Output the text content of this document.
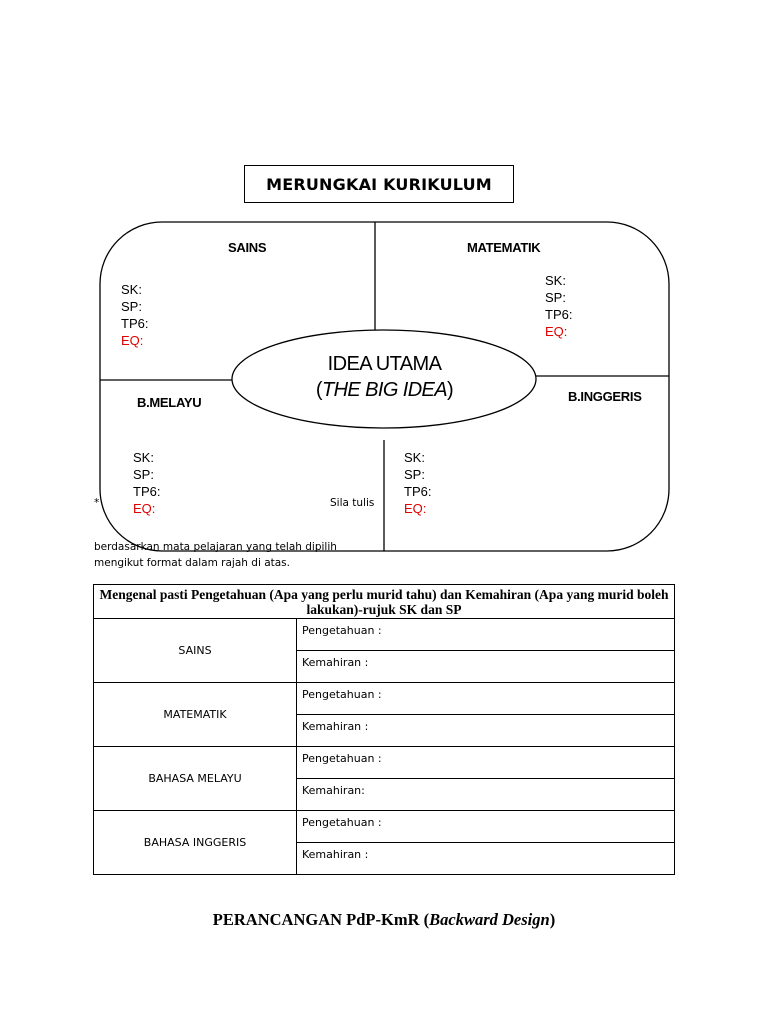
MERUNGKAI KURIKULUM
IDEA UTAMA
(THE BIG IDEA)
SAINS	MATEMATIK
B.MELAYU	B.INGGERIS
SK:
SP:
TP6:
EQ:
SK:
SP:
TP6:
EQ:
SK:
SP:
TP6:
EQ:
SK:
SP:
TP6:
EQ:
*	Sila tulis
berdasarkan mata pelajaran yang telah dipilih
mengikut format dalam rajah di atas.
Mengenal pasti Pengetahuan (Apa yang perlu murid tahu) dan Kemahiran (Apa yang murid boleh lakukan)-rujuk SK dan SP	
SAINS	Pengetahuan :
	Kemahiran :
MATEMATIK	Pengetahuan :
	Kemahiran :
BAHASA MELAYU	Pengetahuan :
	Kemahiran:
BAHASA INGGERIS	Pengetahuan :
	Kemahiran :
PERANCANGAN PdP-KmR (Backward Design)
